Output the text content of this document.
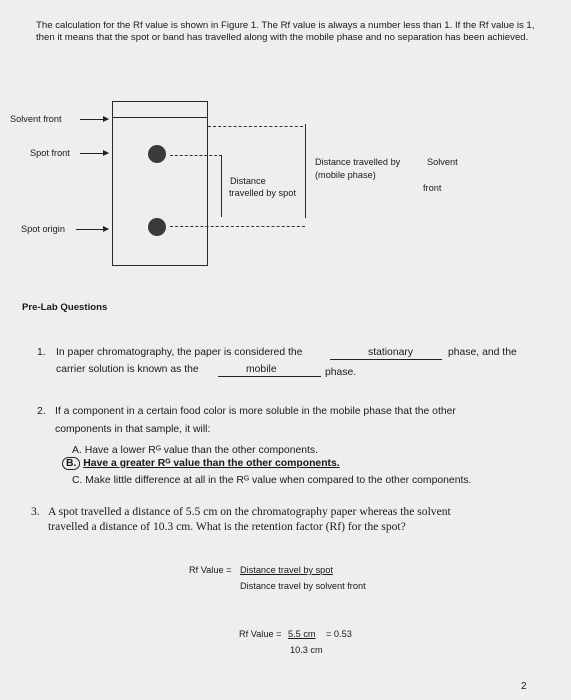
The calculation for the Rf value is shown in Figure 1. The Rf value is always a number less than 1. If the Rf value is 1, then it means that the spot or band has travelled along with the mobile phase and no separation has been achieved.
Solvent front
Spot front
Spot origin
Distance
travelled by spot
Distance travelled by
(mobile phase)
Solvent
front
Pre-Lab Questions
1. In paper chromatography, the paper is considered the	stationary	phase, and the
carrier solution is known as the	mobile	phase.
2. If a component in a certain food color is more soluble in the mobile phase that the other
components in that sample, it will:
A. Have a lower Rᴳ value than the other components.
B. Have a greater Rᴳ value than the other components.
C. Make little difference at all in the Rᴳ value when compared to the other components.
3. A spot travelled a distance of 5.5 cm on the chromatography paper whereas the solvent
travelled a distance of 10.3 cm. What is the retention factor (Rf) for the spot?
Rf Value = Distance travel by spot
Distance travel by solvent front
Rf Value = 5.5 cm = 0.53
10.3 cm
2
